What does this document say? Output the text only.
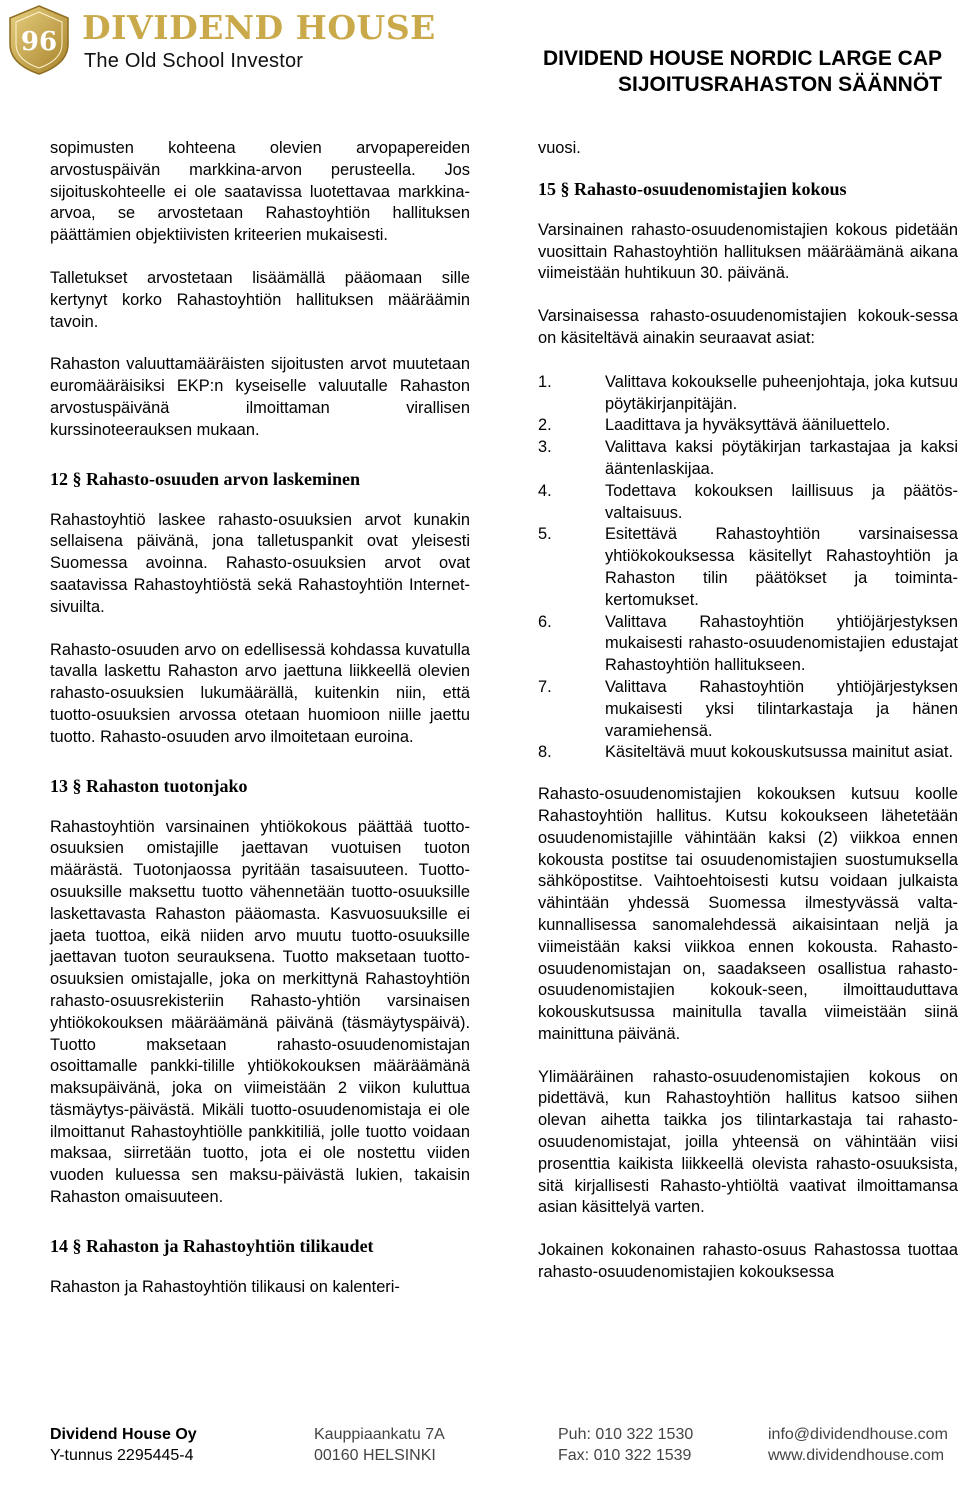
96 DIVIDEND HOUSE
The Old School Investor	DIVIDEND HOUSE NORDIC LARGE CAP
SIJOITUSRAHASTON SÄÄNNÖT

sopimusten kohteena olevien arvopapereiden arvostuspäivän markkina-arvon perusteella. Jos sijoituskohteelle ei ole saatavissa luotettavaa markkina-arvoa, se arvostetaan Rahastoyhtiön hallituksen päättämien objektiivisten kriteerien mukaisesti.

Talletukset arvostetaan lisäämällä pääomaan sille kertynyt korko Rahastoyhtiön hallituksen määräämin tavoin.

Rahaston valuuttamääräisten sijoitusten arvot muutetaan euromääräisiksi EKP:n kyseiselle valuutalle Rahaston arvostuspäivänä ilmoittaman virallisen kurssinoteerauksen mukaan.

12 § Rahasto-osuuden arvon laskeminen

Rahastoyhtiö laskee rahasto-osuuksien arvot kunakin sellaisena päivänä, jona talletuspankit ovat yleisesti Suomessa avoinna. Rahasto-osuuksien arvot ovat saatavissa Rahastoyhtiöstä sekä Rahastoyhtiön Internet-sivuilta.

Rahasto-osuuden arvo on edellisessä kohdassa kuvatulla tavalla laskettu Rahaston arvo jaettuna liikkeellä olevien rahasto-osuuksien lukumäärällä, kuitenkin niin, että tuotto-osuuksien arvossa otetaan huomioon niille jaettu tuotto. Rahasto-osuuden arvo ilmoitetaan euroina.

13 § Rahaston tuotonjako

Rahastoyhtiön varsinainen yhtiökokous päättää tuotto-osuuksien omistajille jaettavan vuotuisen tuoton määrästä. Tuotonjaossa pyritään tasaisuuteen. Tuotto-osuuksille maksettu tuotto vähennetään tuotto-osuuksille laskettavasta Rahaston pääomasta. Kasvuosuuksille ei jaeta tuottoa, eikä niiden arvo muutu tuotto-osuuksille jaettavan tuoton seurauksena. Tuotto maksetaan tuotto-osuuksien omistajalle, joka on merkittynä Rahastoyhtiön rahasto-osuusrekisteriin Rahasto-yhtiön varsinaisen yhtiökokouksen määräämänä päivänä (täsmäytyspäivä). Tuotto maksetaan rahasto-osuudenomistajan osoittamalle pankki-tilille yhtiökokouksen määräämänä maksupäivänä, joka on viimeistään 2 viikon kuluttua täsmäytys-päivästä. Mikäli tuotto-osuudenomistaja ei ole ilmoittanut Rahastoyhtiölle pankkitiliä, jolle tuotto voidaan maksaa, siirretään tuotto, jota ei ole nostettu viiden vuoden kuluessa sen maksu-päivästä lukien, takaisin Rahaston omaisuuteen.

14 § Rahaston ja Rahastoyhtiön tilikaudet

Rahaston ja Rahastoyhtiön tilikausi on kalenteri-

vuosi.

15 § Rahasto-osuudenomistajien kokous

Varsinainen rahasto-osuudenomistajien kokous pidetään vuosittain Rahastoyhtiön hallituksen määräämänä aikana viimeistään huhtikuun 30. päivänä.

Varsinaisessa rahasto-osuudenomistajien kokouk-sessa on käsiteltävä ainakin seuraavat asiat:

1.	Valittava kokoukselle puheenjohtaja, joka kutsuu pöytäkirjanpitäjän.
2.	Laadittava ja hyväksyttävä ääniluettelo.
3.	Valittava kaksi pöytäkirjan tarkastajaa ja kaksi ääntenlaskijaa.
4.	Todettava kokouksen laillisuus ja päätös-valtaisuus.
5.	Esitettävä Rahastoyhtiön varsinaisessa yhtiökokouksessa käsitellyt Rahastoyhtiön ja Rahaston tilin päätökset ja toiminta-kertomukset.
6.	Valittava Rahastoyhtiön yhtiöjärjestyksen mukaisesti rahasto-osuudenomistajien edustajat Rahastoyhtiön hallitukseen.
7.	Valittava Rahastoyhtiön yhtiöjärjestyksen mukaisesti yksi tilintarkastaja ja hänen varamiehensä.
8.	Käsiteltävä muut kokouskutsussa mainitut asiat.

Rahasto-osuudenomistajien kokouksen kutsuu koolle Rahastoyhtiön hallitus. Kutsu kokoukseen lähetetään osuudenomistajille vähintään kaksi (2) viikkoa ennen kokousta postitse tai osuudenomistajien suostumuksella sähköpostitse. Vaihtoehtoisesti kutsu voidaan julkaista vähintään yhdessä Suomessa ilmestyvässä valta-kunnallisessa sanomalehdessä aikaisintaan neljä ja viimeistään kaksi viikkoa ennen kokousta. Rahasto-osuudenomistajan on, saadakseen osallistua rahasto-osuudenomistajien kokouk-seen, ilmoittauduttava kokouskutsussa mainitulla tavalla viimeistään siinä mainittuna päivänä.

Ylimääräinen rahasto-osuudenomistajien kokous on pidettävä, kun Rahastoyhtiön hallitus katsoo siihen olevan aihetta taikka jos tilintarkastaja tai rahasto-osuudenomistajat, joilla yhteensä on vähintään viisi prosenttia kaikista liikkeellä olevista rahasto-osuuksista, sitä kirjallisesti Rahasto-yhtiöltä vaativat ilmoittamansa asian käsittelyä varten.

Jokainen kokonainen rahasto-osuus Rahastossa tuottaa rahasto-osuudenomistajien kokouksessa

Dividend House Oy
Y-tunnus 2295445-4
Kauppiaankatu 7A
00160 HELSINKI
Puh: 010 322 1530
Fax: 010 322 1539
info@dividendhouse.com
www.dividendhouse.com
